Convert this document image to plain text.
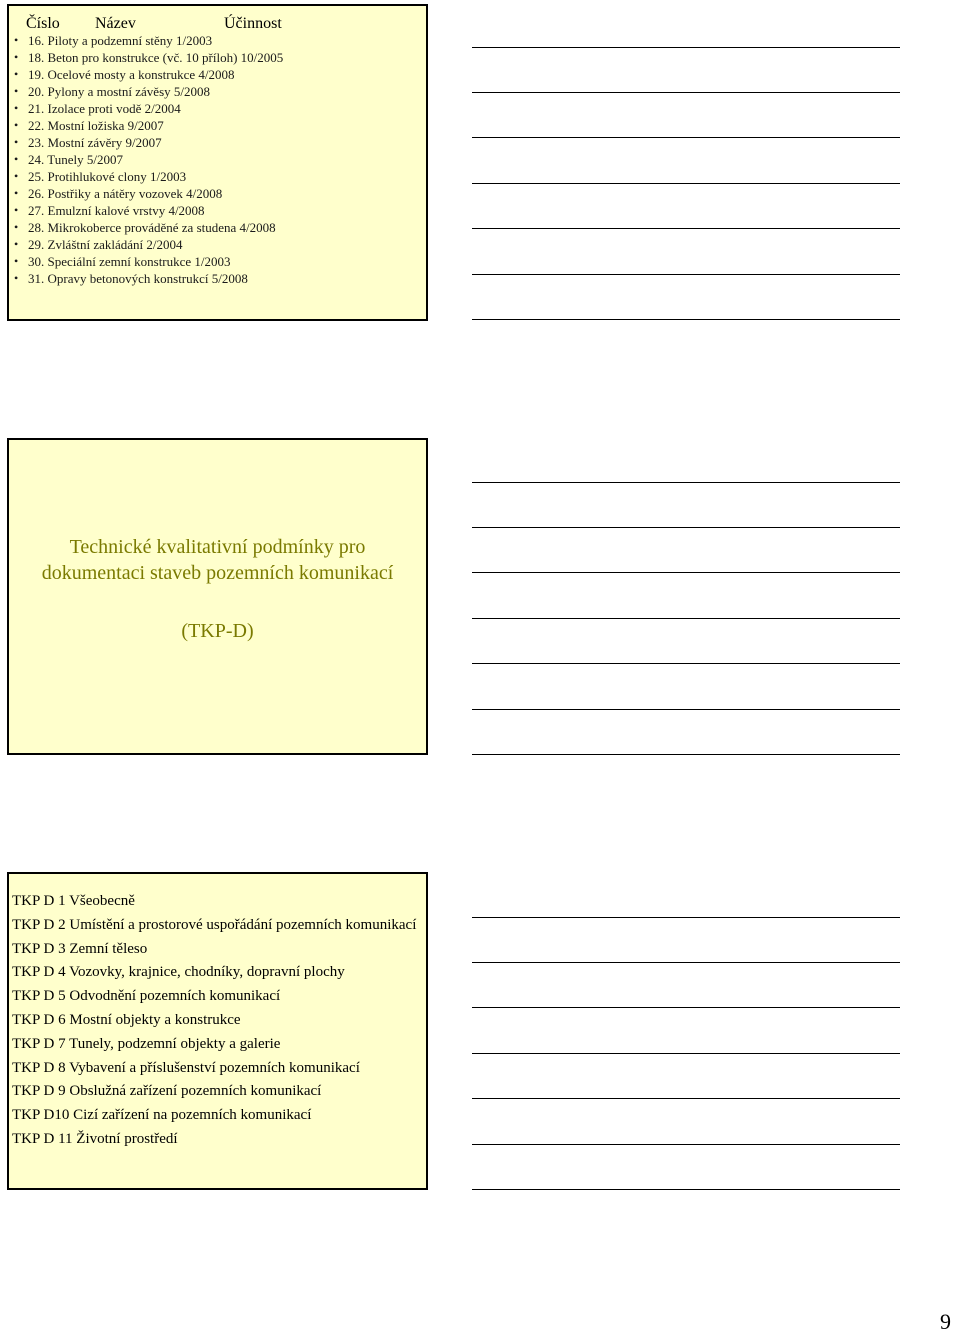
Číslo Název	Účinnost
• 16. Piloty a podzemní stěny 1/2003
• 18. Beton pro konstrukce (vč. 10 příloh) 10/2005
• 19. Ocelové mosty a konstrukce 4/2008
• 20. Pylony a mostní závěsy 5/2008
• 21. Izolace proti vodě 2/2004
• 22. Mostní ložiska 9/2007
• 23. Mostní závěry 9/2007
• 24. Tunely 5/2007
• 25. Protihlukové clony 1/2003
• 26. Postřiky a nátěry vozovek 4/2008
• 27. Emulzní kalové vrstvy 4/2008
• 28. Mikrokoberce prováděné za studena 4/2008
• 29. Zvláštní zakládání 2/2004
• 30. Speciální zemní konstrukce 1/2003
• 31. Opravy betonových konstrukcí 5/2008
Technické kvalitativní podmínky pro
dokumentaci staveb pozemních komunikací
(TKP-D)
TKP D 1 Všeobecně
TKP D 2 Umístění a prostorové uspořádání pozemních komunikací
TKP D 3 Zemní těleso
TKP D 4 Vozovky, krajnice, chodníky, dopravní plochy
TKP D 5 Odvodnění pozemních komunikací
TKP D 6 Mostní objekty a konstrukce
TKP D 7 Tunely, podzemní objekty a galerie
TKP D 8 Vybavení a příslušenství pozemních komunikací
TKP D 9 Obslužná zařízení pozemních komunikací
TKP D10 Cizí zařízení na pozemních komunikací
TKP D 11 Životní prostředí
9
